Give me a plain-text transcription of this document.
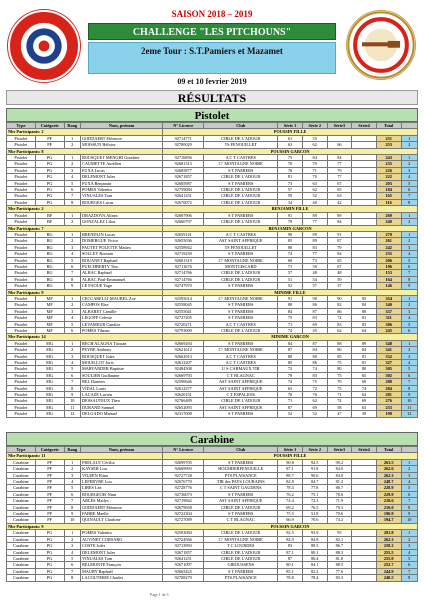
SAISON 2018 – 2019
CHALLENGE "LES PITCHOUNS"
2eme Tour : S.T.Pamiers et Mazamet
09 et 10 fevrier 2019
RÉSULTATS
Pistolet
Type	Catégorie	Rang	Nom, prénom	N° Licence	Club	Série 1	Série 2	Série3	Série4	Total	
Nbr Participants: 2				POUSSIN FILLE							
Pistolet	PF	1	GODDAERT Eléonore	92714771	CIBLE DE L'ADOUR	61	55			251	1
Pistolet	PF	2	MOISSUN Héloise	92700029	TS FENOUILLET	63	62	66		253	2
Nbr Participants: 8				POUSSIN GARCON							
Pistolet	PG	1	BOUSQUET MENGHI Gonthier	92716856	A C T CASTRES	75	84	84		243	1
Pistolet	PG	2	CAUMETTE Aurélien	92681313	C° MONTAGNE NOIRE	70	79	77		235	2
Pistolet	PG	3	FUXA Lucas	92685877	S T PAMIERS	76	71	79		226	3
Pistolet	PG	4	DELEMONT Jules	92671857	CIBLE DE L'ADOUR	81	70	77		222	4
Pistolet	PG	5	FUXA Benjamin	92685987	S T PAMIERS	73	63	67		203	5
Pistolet	PG	6	POMES Valentin	92759084	CIBLE DE L'ADOUR	57	62	65		184	6
Pistolet	PG	7	VINUALES Tom	92641251	CIBLE DE L'ADOUR	59	52	63		165	7
Pistolet	PG	8	BOURGES Lucas	92670072	CIBLE DE L'ADOUR	34	40	42		116	8
Nbr Participants: 2				BENJAMIN FILLE							
Pistolet	BF	1	DRAZDOVA Alinea	92687906	S T PAMIERS	91	89	89		269	1
Pistolet	BF	2	GONZALEZ Lilou	92660797	CIBLE DE L'ADOUR	79	77	84		240	2
Nbr Participants: 7				BENJAMIN GARCON							
Pistolet	BG	1	BRENDLIN Lucas	92659141	A C T CASTRES	90	89	91		270	1
Pistolet	BG	2	DOMERGUE Victor	92655036	AST SAINT AFFRIQUE	85	89	87		261	2
Pistolet	BG	3	PAUTET POLETTE Matteo	92558942	TS FENOUILLET	80	83	79		242	3
Pistolet	BG	4	SOLLEY Romain	92719239	S T PAMIERS	74	77	84		235	4
Pistolet	BG	5	BOUANET Raphael	92681319	C° MONTAGNE NOIRE	68	73	65		206	5
Pistolet	BG	6	PUECHBERTY Tim	92711676	MONTGISCARD	71	59	67		196	6
Pistolet	BG	7	ALBAC Raphael	92714766	CIBLE DE L'ADOUR	57	48	48		153	7
Pistolet	BG	8	ALBAC Paul-Emmanuel	92714766	CIBLE DE L'ADOUR	51	54	59		164	8
Pistolet	BG	9	LE FAOUE Yago	92747970	S T PAMIERS	52	57	37		146	9
Nbr Participants: 9				MINIME FILLE							
Pistolet	MF	1	CECCARELLI-MAUREL Zoe	92595614	C° MONTAGNE NOIRE	91	90	90	95	354	1
Pistolet	MF	2	CAMPOS Elea	92558045	S T PAMIERS	88	86	82	84	340	2
Pistolet	MF	3	ALBARET Camille	92555041	S T PAMIERS	84	87	86	80	337	3
Pistolet	MF	4	LEGOFF Celeste	92727205	S T PAMIERS	75	83	72	81	311	4
Pistolet	MF	5	LEVAMEUR Candice	92720271	A C T CASTRES	71	69	83	83	306	5
Pistolet	MF	6	POMES Tilman	92793009	CIBLE DE L'ADOUR	74	45	62	64	245	6
Nbr Participants: 14				MINIME GARCON							
Pistolet	MG	1	RECH ALAGNA Titouan	92669294	S T PAMIERS	84	87	88	89	348	1
Pistolet	MG	2	PEYRE Anthony	92621612	C° MONTAGNE NOIRE	87	84	86	84	341	2
Pistolet	MG	3	BOUSQUET Jules	92662913	A C T CASTRES	80	80	85	81	332	3
Pistolet	MG	4	MOUILLOT Joris	92612207	A C T CASTRES	85	86	75	81	327	4
Pistolet	MG	5	MARVANDER Baptiste	92484508	U S CARMAUX TIR	72	74	80	80	305	5
Pistolet	MG	6	SOULIER Guillaume	92669793	C T BLAGNAC	79	83	75	65	302	6
Pistolet	MG	7	BEL Damien	92590646	AST SAINT AFFRIQUE	74	75	70	69	288	7
Pistolet	MG	8	VIDAL Louis	92612377	AST SAINT AFFRIQUE	63	72	75	74	284	8
Pistolet	MG	9	LACAZE Lucien	92620151	C T ESPALIOIS	70	76	71	64	281	9
Pistolet	MG	10	DESSAUTEUX Theo	92766489	CIBLE DE L'ADOUR	71	62	74	69	276	10
Pistolet	MG	11	DURAND Samuel	92652093	AST SAINT AFFRIQUE	87	69	58	63	233	11
Pistolet	MG	12	DELGADO Manuel	92317008	S T PAMIERS	52	52	47	39	190	12
Carabine
Type	Catégorie	Rang	Nom, prénom	N° Licence	Club	Série 1	Série 2	Série3	Série4	Total	
Nbr Participants: 11				POUSSIN FILLE							
Carabine	PF	1	FRELAUT Cécilia	92699705	S T PAMIERS	90.8	92.5	90.2		263.5	1
Carabine	PF	2	KAYSER Lou	92669993	HOLMDERFENOUILLE	87.1	91.8	84.0		262.6	2
Carabine	PF	3	VIUSEN Elina	92727728	PTS PLAISANCE	88.7	90.6	84.0		262.3	3
Carabine	PF	4	LEFEBVRE Lou	92676770	TIR des PAYS LOURAINS	82.8	84.7	81.2		248.7	4
Carabine	PF	5	LIBES Léa	92728776	C T SAINT GAUDENS	78.3	77.8	80.7		228.9	5
Carabine	PF	6	BOURGEOIS Ninn	92736073	S T PAMIERS	76.2	75.1	78.6		229.9	6
Carabine	PF	7	ARLES Mailys	92719842	AST SAINT AFFRIQUE	74.4	72.3	71.9		218.6	7
Carabine	PF	8	GODDAERT Eléonore	92679658	CIBLE DE L'ADOUR	69.2	76.5	70.3		216.0	8
Carabine	PF	9	FABRE Maelle	92722304	S T PAMIERS	75.5	51.8	70.6		196.9	9
Carabine	PF	10	QUINAULT Charlone	92727089	C T BLAGNAC	66.9	70.6	74.2		194.7	10
Nbr Participants: 9				POUSSIN GARCON							
Carabine	PG	1	POMES Valentin	92593084	CIBLE DE L'ADOUR	92.5	93.9	95		281.8	1
Carabine	PG	2	AUVINET CORSARO	92724566	C° MONTAGNE NOIRE	84.9	84.8	82.1		262.3	2
Carabine	PG	3	COSTE Jules	92713993	T C LOURDES	83	88.5	86.7		258.2	3
Carabine	PG	4	DELEMONT Jules	92671857	CIBLE DE L'ADOUR	87.1	80.1	88.3		255.5	4
Carabine	PG	5	VINUALES Tom	92641251	CIBLE DE L'ADOUR	87	86.4	81.8		255.0	5
Carabine	PG	6	BELMONTE François	92671097	GIROUSSENS	80.1	84.1	88.5		252.7	6
Carabine	PG	7	MAURY Raphaël	92665425	S T PAMIERS	85.1	82.2	77.6		244.9	7
Carabine	PG	8	LACOUTERIE Charles	92708279	PTS PLAISANCE	78.8	78.4	83.3		240.5	8
Page 1 de 3
